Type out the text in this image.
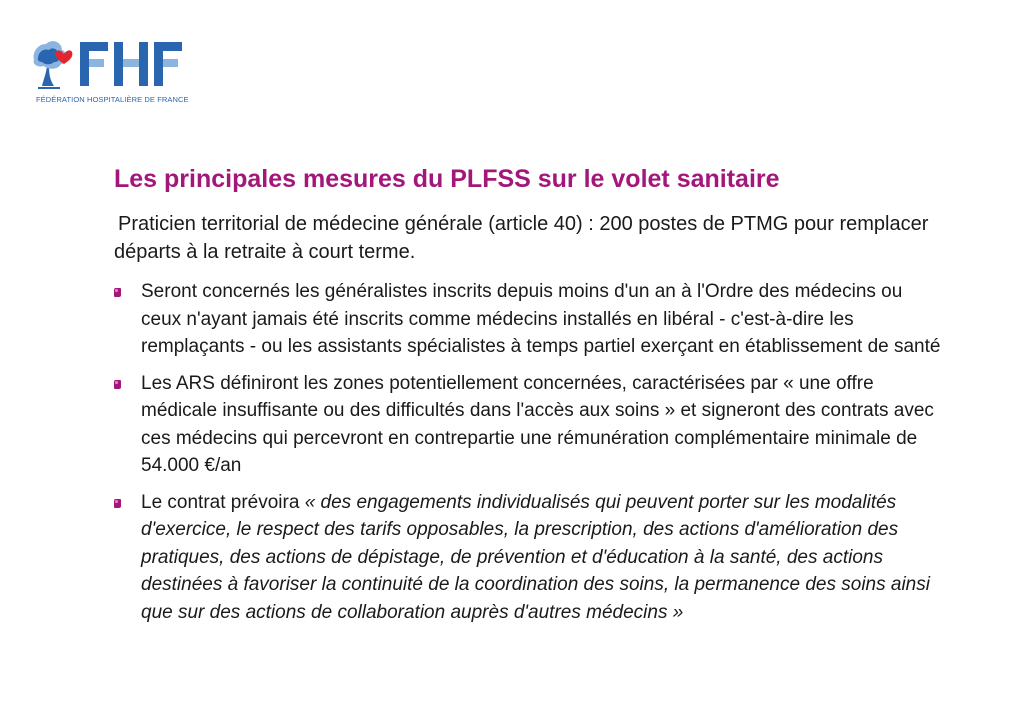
FÉDÉRATION HOSPITALIÈRE DE FRANCE
Les principales mesures du PLFSS sur le volet sanitaire
Praticien territorial de médecine générale (article 40) : 200 postes de PTMG pour remplacer départs à la retraite à court terme.
Seront concernés les généralistes inscrits depuis moins d'un an à l'Ordre des médecins ou ceux n'ayant jamais été inscrits comme médecins installés en libéral - c'est-à-dire les remplaçants - ou les assistants spécialistes à temps partiel exerçant en établissement de santé
Les ARS définiront les zones potentiellement concernées, caractérisées par « une offre médicale insuffisante ou des difficultés dans l'accès aux soins » et signeront des contrats avec ces médecins qui percevront en contrepartie une rémunération complémentaire minimale de 54.000 €/an
Le contrat prévoira « des engagements individualisés qui peuvent porter sur les modalités d'exercice, le respect des tarifs opposables, la prescription, des actions d'amélioration des pratiques, des actions de dépistage, de prévention et d'éducation à la santé, des actions destinées à favoriser la continuité de la coordination des soins, la permanence des soins ainsi que sur des actions de collaboration auprès d'autres médecins »
